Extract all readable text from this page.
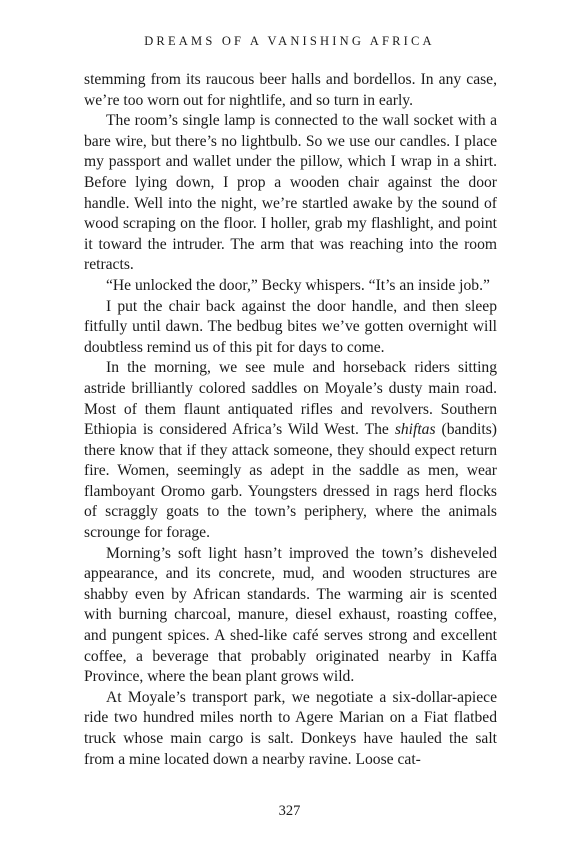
DREAMS OF A VANISHING AFRICA

stemming from its raucous beer halls and bordellos. In any case, we’re too worn out for nightlife, and so turn in early.

The room’s single lamp is connected to the wall socket with a bare wire, but there’s no lightbulb. So we use our candles. I place my passport and wallet under the pillow, which I wrap in a shirt. Before lying down, I prop a wooden chair against the door handle. Well into the night, we’re startled awake by the sound of wood scraping on the floor. I holler, grab my flashlight, and point it toward the intruder. The arm that was reaching into the room retracts.

“He unlocked the door,” Becky whispers. “It’s an inside job.”

I put the chair back against the door handle, and then sleep fitfully until dawn. The bedbug bites we’ve gotten overnight will doubtless remind us of this pit for days to come.

In the morning, we see mule and horseback riders sitting astride brilliantly colored saddles on Moyale’s dusty main road. Most of them flaunt antiquated rifles and revolvers. Southern Ethiopia is considered Africa’s Wild West. The shiftas (bandits) there know that if they attack someone, they should expect return fire. Women, seemingly as adept in the saddle as men, wear flamboyant Oromo garb. Youngsters dressed in rags herd flocks of scraggly goats to the town’s periphery, where the animals scrounge for forage.

Morning’s soft light hasn’t improved the town’s disheveled appearance, and its concrete, mud, and wooden structures are shabby even by African standards. The warming air is scented with burning charcoal, manure, diesel exhaust, roasting coffee, and pungent spices. A shed-like café serves strong and excellent coffee, a beverage that probably originated nearby in Kaffa Province, where the bean plant grows wild.

At Moyale’s transport park, we negotiate a six-dollar-apiece ride two hundred miles north to Agere Marian on a Fiat flatbed truck whose main cargo is salt. Donkeys have hauled the salt from a mine located down a nearby ravine. Loose cat-

327
